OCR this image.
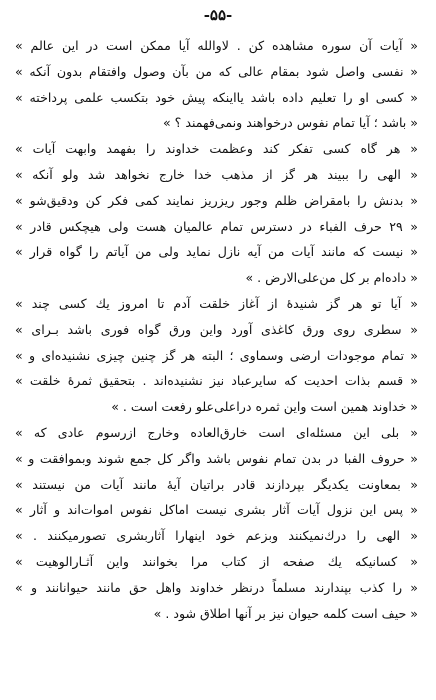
-۵۵-
« آیات آن سوره مشاهده کن . لاوالله آیا ممکن است در این عالم »
« نفسی واصل شود بمقام عالی که من بآن وصول وافتقام بدون آنکه »
« کسی او را تعلیم داده باشد یااینکه پیش خود بتکسب علمی پرداخته »
« باشد ؛ آیا تمام نفوس درخواهند ونمی‌فهمند ؟ »
« هر گاه کسی تفکر کند وعظمت خداوند را بفهمد وابهت آیات »
« الهی را ببیند هر گز از مذهب خدا خارج نخواهد شد ولو آنکه »
« بدنش را بامقراض ظلم وجور ریزریز نمایند کمی فکر کن ودقیق‌شو »
« ۲۹ حرف الفباء در دسترس تمام عالمیان هست ولی هیچکس قادر »
« نیست که مانند آیات من آیه نازل نماید ولی من آیاتم را گواه قرار »
« داده‌ام بر کل من‌علی‌الارض . »
« آیا تو هر گز شنیدهٔ از آغاز خلقت آدم تا امروز یك کسی چند »
« سطری روی ورق کاغذی آورد واین ورق گواه فوری باشد بـرای »
« تمام موجودات ارضی وسماوی ؛ البته هر گز چنین چیزی نشنیده‌ای و »
« قسم بذات احدیت که سایرعباد نیز نشنیده‌اند . بتحقیق ثمرهٔ خلقت »
« خداوند همین است واین ثمره دراعلی‌علو رفعت است . »
« بلی این مسئله‌ای است خارق‌العاده وخارج ازرسوم عادی که »
« حروف الفبا در بدن تمام نفوس باشد واگر کل جمع شوند وبموافقت و »
« بمعاونت یکدیگر بپردازند قادر براتیان آیهٔ مانند آیات من نیستند »
« پس این نزول آیات آثار بشری نیست اماکل نفوس اموات‌اند و آثار »
« الهی را درك‌نمیکنند وبزعم خود اینهارا آثاربشری تصورمیکنند . »
« کسانیکه یك صفحه از کتاب مرا بخوانند واین آثـارالوهیت »
« را کذب بپندارند مسلماً درنظر خداوند واهل حق مانند حیوانانند و »
« حیف است کلمه حیوان نیز بر آنها اطلاق شود . »
